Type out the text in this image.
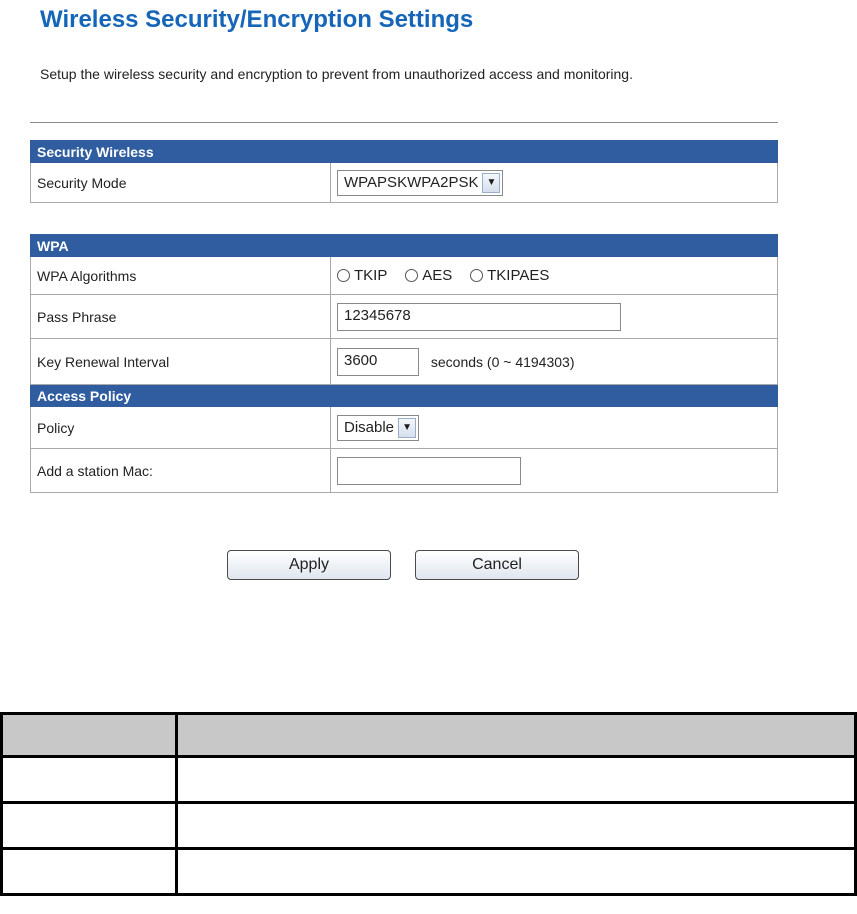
Wireless Security/Encryption Settings
Setup the wireless security and encryption to prevent from unauthorized access and monitoring.
Security Wireless
Security Mode	WPAPSKWPA2PSK ▼
WPA	
WPA Algorithms	TKIP
AES
TKIPAES

Pass Phrase	12345678
Key Renewal Interval	3600 seconds (0 ~ 4194303)
Access Policy	
Policy	Disable ▼

Add a station Mac:	
Apply	Cancel
